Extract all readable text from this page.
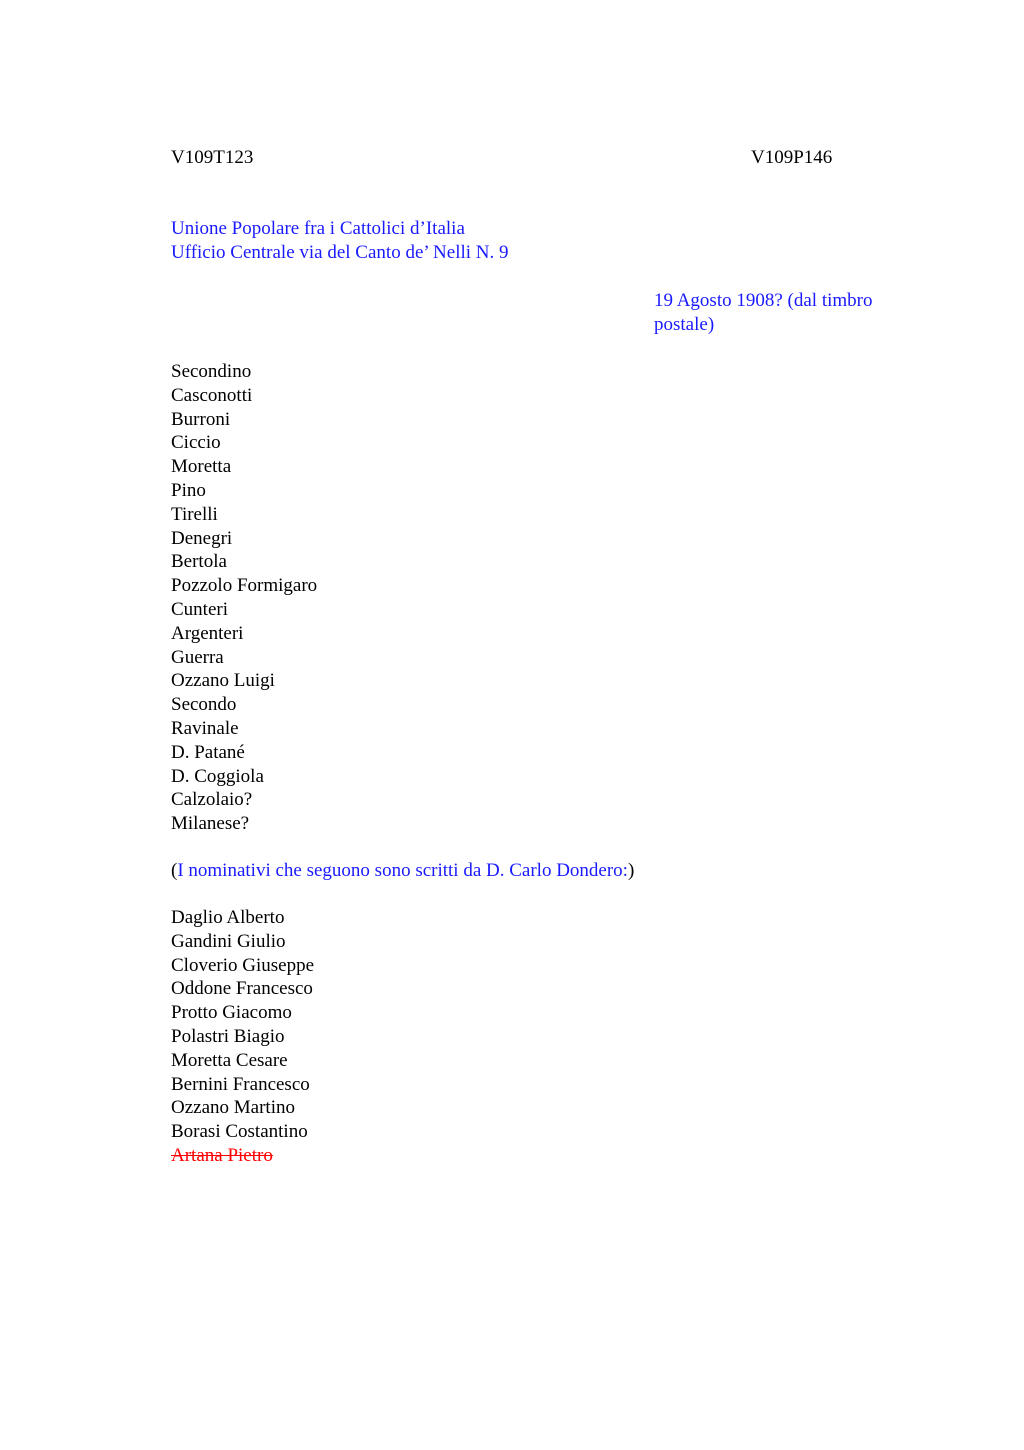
V109T123	V109P146
Unione Popolare fra i Cattolici d’Italia
Ufficio Centrale via del Canto de’ Nelli N. 9
19 Agosto 1908? (dal timbro
postale)
Secondino
Casconotti
Burroni
Ciccio
Moretta
Pino
Tirelli
Denegri
Bertola
Pozzolo Formigaro
Cunteri
Argenteri
Guerra
Ozzano Luigi
Secondo
Ravinale
D. Patané
D. Coggiola
Calzolaio?
Milanese?
(I nominativi che seguono sono scritti da D. Carlo Dondero:)
Daglio Alberto
Gandini Giulio
Cloverio Giuseppe
Oddone Francesco
Protto Giacomo
Polastri Biagio
Moretta Cesare
Bernini Francesco
Ozzano Martino
Borasi Costantino
Artana Pietro
